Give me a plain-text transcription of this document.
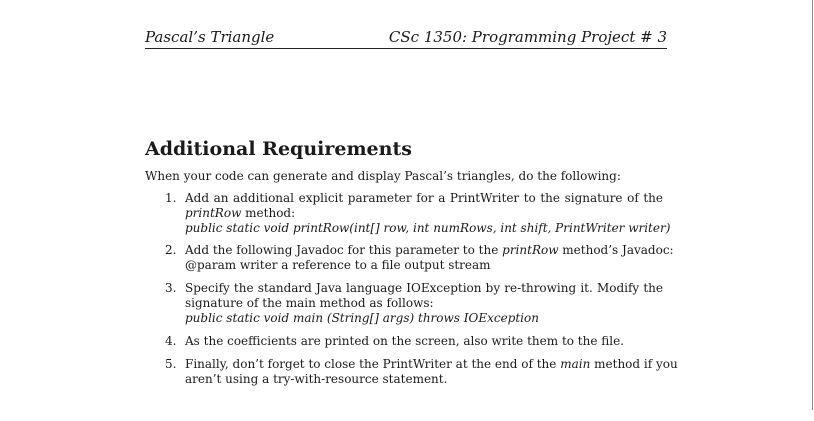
Pascal’s Triangle	CSc 1350: Programming Project # 3
Additional Requirements
When your code can generate and display Pascal’s triangles, do the following:
1. Add an additional explicit parameter for a PrintWriter to the signature of the
printRow method:
public static void printRow(int[] row, int numRows, int shift, PrintWriter writer)
2. Add the following Javadoc for this parameter to the printRow method’s Javadoc:
@param writer a reference to a file output stream
3. Specify the standard Java language IOException by re-throwing it. Modify the
signature of the main method as follows:
public static void main (String[] args) throws IOException
4. As the coefficients are printed on the screen, also write them to the file.
5. Finally, don’t forget to close the PrintWriter at the end of the main method if you
aren’t using a try-with-resource statement.
